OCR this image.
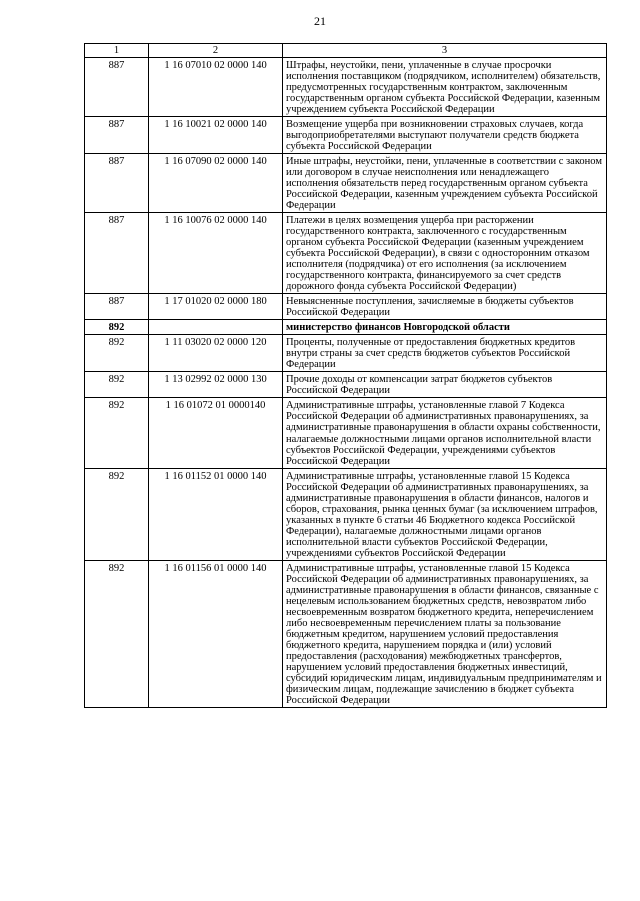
21
1	2	3
887	1 16 07010 02 0000 140	Штрафы, неустойки, пени, уплаченные в случае просрочки исполнения поставщиком (подрядчиком, исполнителем) обязательств, предусмотренных государственным контрактом, заключенным государственным органом субъекта Российской Федерации, казенным учреждением субъекта Российской Федерации
887	1 16 10021 02 0000 140	Возмещение ущерба при возникновении страховых случаев, когда выгодоприобретателями выступают получатели средств бюджета субъекта Российской Федерации
887	1 16 07090 02 0000 140	Иные штрафы, неустойки, пени, уплаченные в соответствии с законом или договором в случае неисполнения или ненадлежащего исполнения обязательств перед государственным органом субъекта Российской Федерации, казенным учреждением субъекта Российской Федерации
887	1 16 10076 02 0000 140	Платежи в целях возмещения ущерба при расторжении государственного контракта, заключенного с государственным органом субъекта Российской Федерации (казенным учреждением субъекта Российской Федерации), в связи с односторонним отказом исполнителя (подрядчика) от его исполнения (за исключением государственного контракта, финансируемого за счет средств дорожного фонда субъекта Российской Федерации)
887	1 17 01020 02 0000 180	Невыясненные поступления, зачисляемые в бюджеты субъектов Российской Федерации
892		министерство финансов Новгородской области
892	1 11 03020 02 0000 120	Проценты, полученные от предоставления бюджетных кредитов внутри страны за счет средств бюджетов субъектов Российской Федерации
892	1 13 02992 02 0000 130	Прочие доходы от компенсации затрат бюджетов субъектов Российской Федерации
892	1 16 01072 01 0000140	Административные штрафы, установленные главой 7 Кодекса Российской Федерации об административных правонарушениях, за административные правонарушения в области охраны собственности, налагаемые должностными лицами органов исполнительной власти субъектов Российской Федерации, учреждениями субъектов Российской Федерации
892	1 16 01152 01 0000 140	Административные штрафы, установленные главой 15 Кодекса Российской Федерации об административных правонарушениях, за административные правонарушения в области финансов, налогов и сборов, страхования, рынка ценных бумаг (за исключением штрафов, указанных в пункте 6 статьи 46 Бюджетного кодекса Российской Федерации), налагаемые должностными лицами органов исполнительной власти субъектов Российской Федерации, учреждениями субъектов Российской Федерации
892	1 16 01156 01 0000 140	Административные штрафы, установленные главой 15 Кодекса Российской Федерации об административных правонарушениях, за административные правонарушения в области финансов, связанные с нецелевым использованием бюджетных средств, невозвратом либо несвоевременным возвратом бюджетного кредита, неперечислением либо несвоевременным перечислением платы за пользование бюджетным кредитом, нарушением условий предоставления бюджетного кредита, нарушением порядка и (или) условий предоставления (расходования) межбюджетных трансфертов, нарушением условий предоставления бюджетных инвестиций, субсидий юридическим лицам, индивидуальным предпринимателям и физическим лицам, подлежащие зачислению в бюджет субъекта Российской Федерации
